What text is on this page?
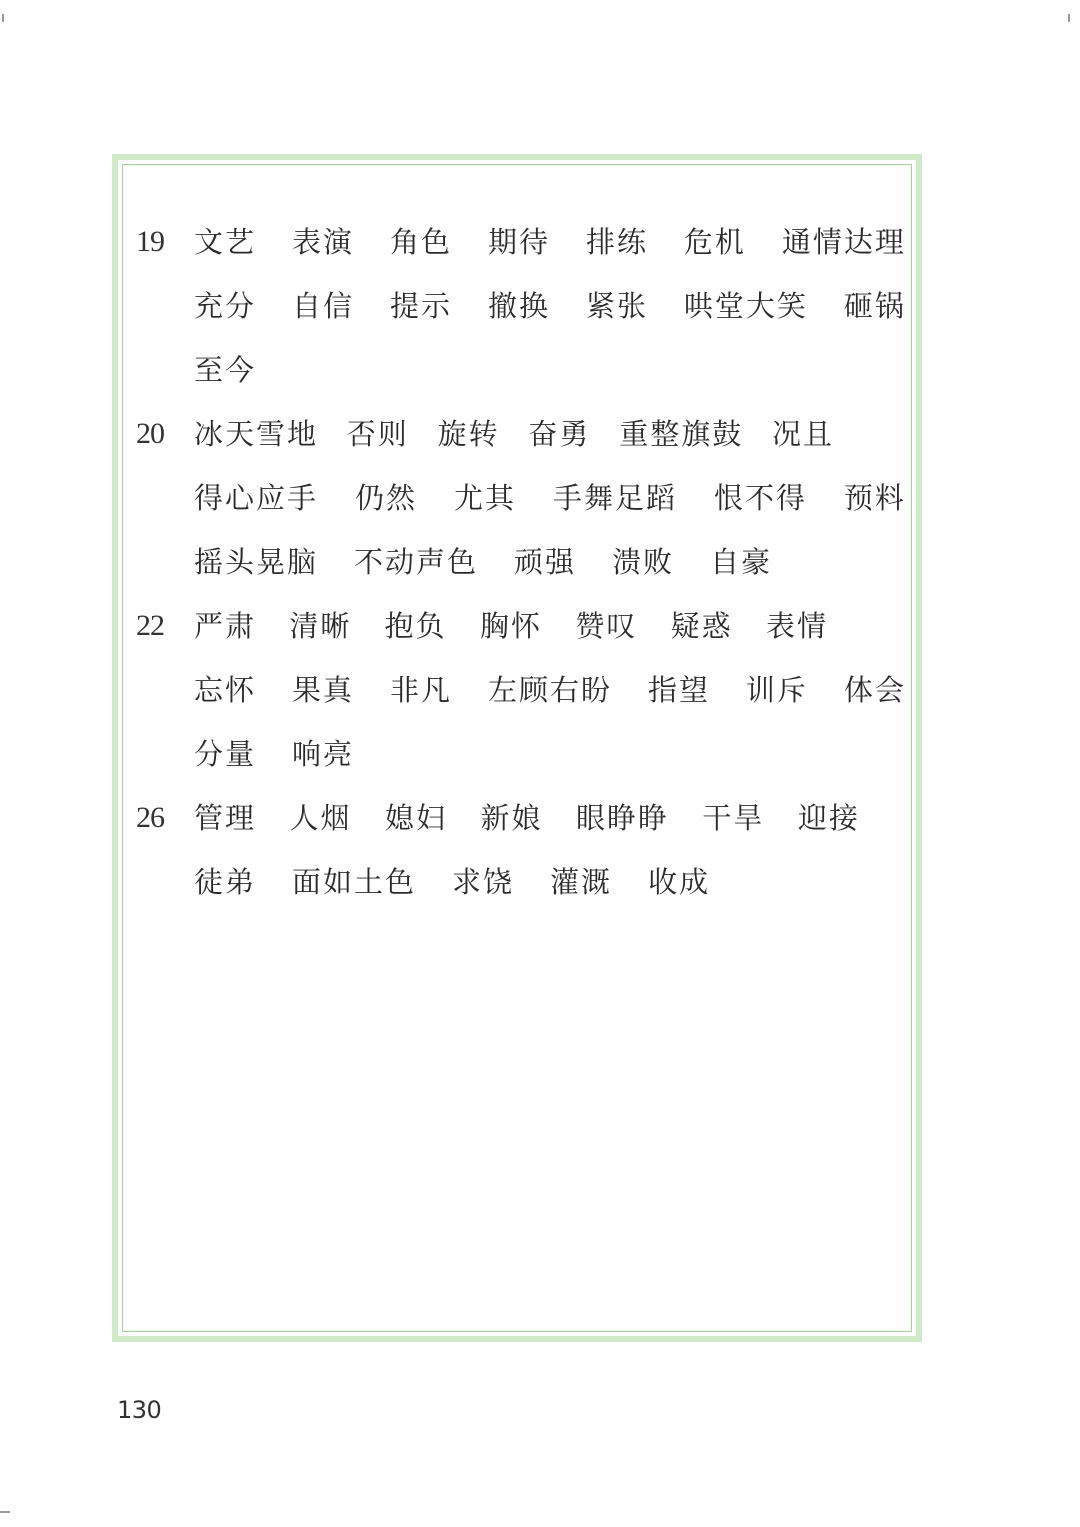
19	文艺 表演 角色 期待 排练 危机 通情达理
充分 自信 提示 撤换 紧张 哄堂大笑 砸锅
至今
20	冰天雪地 否则 旋转 奋勇 重整旗鼓 况且
得心应手 仍然 尤其 手舞足蹈 恨不得 预料
摇头晃脑 不动声色 顽强 溃败 自豪
22	严肃 清晰 抱负 胸怀 赞叹 疑惑 表情
忘怀 果真 非凡 左顾右盼 指望 训斥 体会
分量 响亮
26	管理 人烟 媳妇 新娘 眼睁睁 干旱 迎接
徒弟 面如土色 求饶 灌溉 收成
130
